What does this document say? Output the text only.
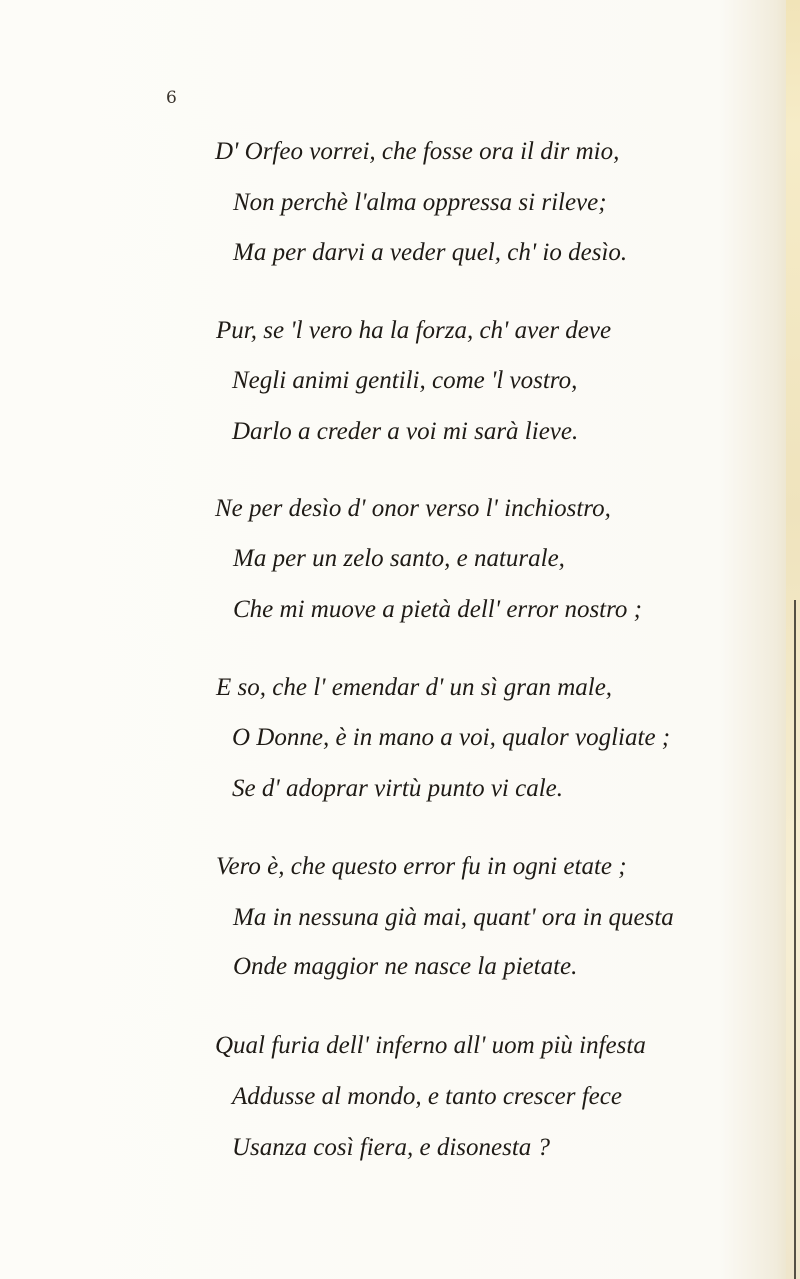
6
D' Orfeo vorrei, che fosse ora il dir mio,
Non perchè l'alma oppressa si rileve;
Ma per darvi a veder quel, ch' io desìo.
Pur, se 'l vero ha la forza, ch' aver deve
Negli animi gentili, come 'l vostro,
Darlo a creder a voi mi sarà lieve.
Ne per desìo d' onor verso l' inchiostro,
Ma per un zelo santo, e naturale,
Che mi muove a pietà dell' error nostro ;
E so, che l' emendar d' un sì gran male,
O Donne, è in mano a voi, qualor vogliate ;
Se d' adoprar virtù punto vi cale.
Vero è, che questo error fu in ogni etate ;
Ma in nessuna già mai, quant' ora in questa
Onde maggior ne nasce la pietate.
Qual furia dell' inferno all' uom più infesta
Addusse al mondo, e tanto crescer fece
Usanza così fiera, e disonesta ?
